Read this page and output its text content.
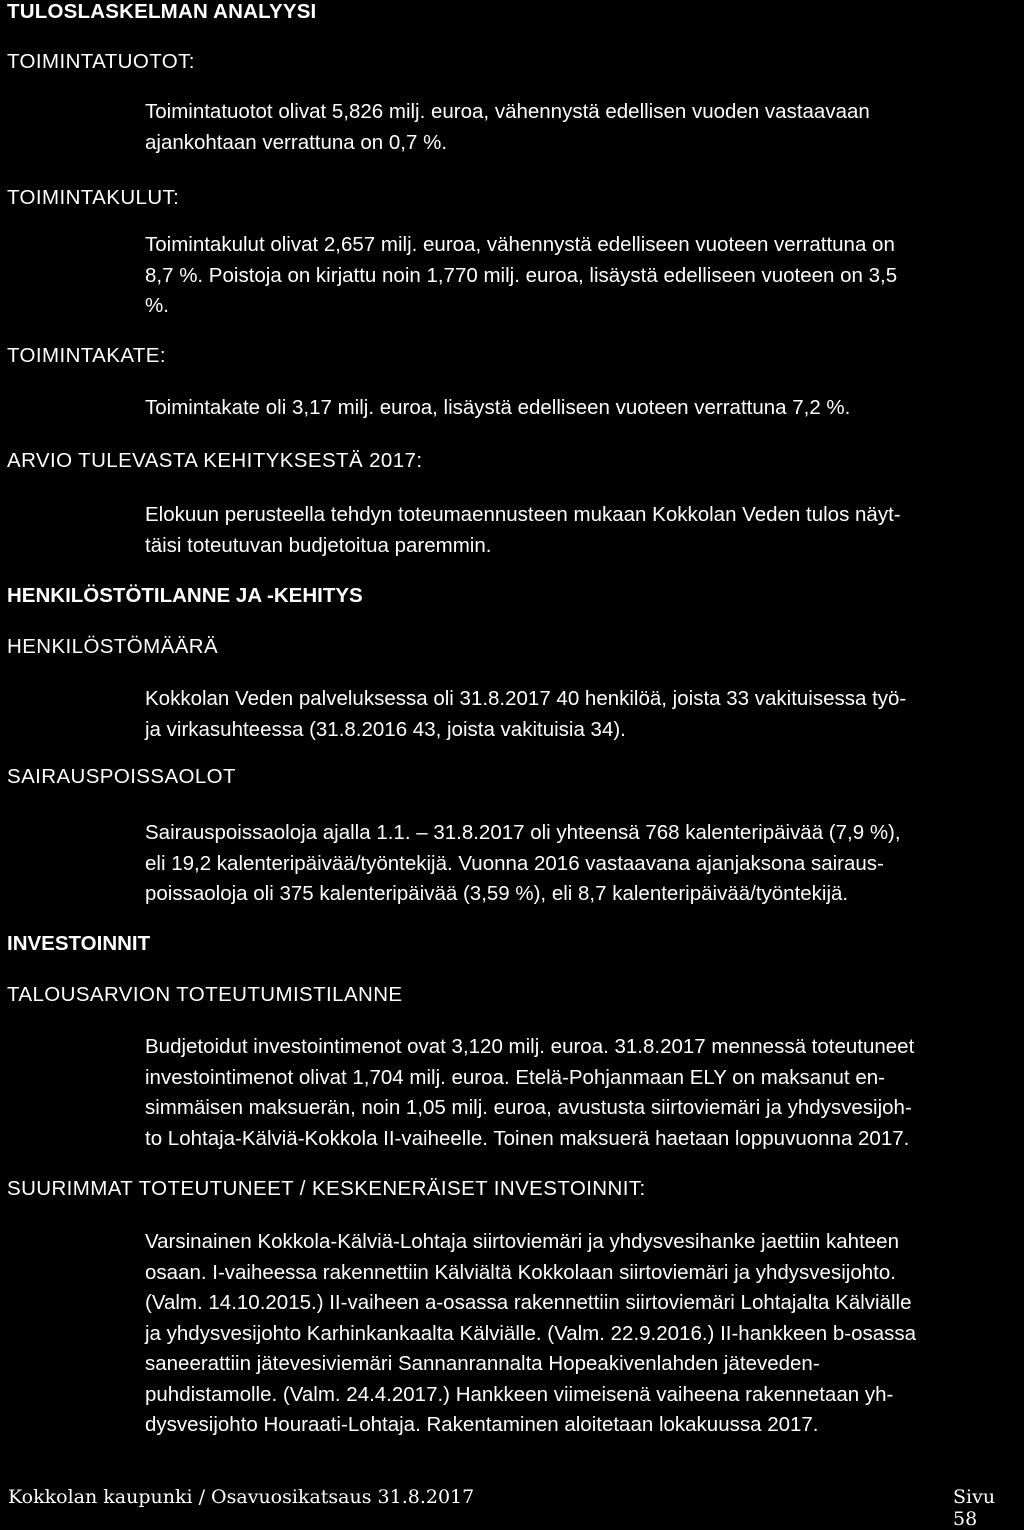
TULOSLASKELMAN ANALYYSI
TOIMINTATUOTOT:
Toimintatuotot olivat 5,826 milj. euroa, vähennystä edellisen vuoden vastaavaan
ajankohtaan verrattuna on 0,7 %.
TOIMINTAKULUT:
Toimintakulut olivat 2,657 milj. euroa, vähennystä edelliseen vuoteen verrattuna on
8,7 %. Poistoja on kirjattu noin 1,770 milj. euroa, lisäystä edelliseen vuoteen on 3,5
%.
TOIMINTAKATE:
Toimintakate oli 3,17 milj. euroa, lisäystä edelliseen vuoteen verrattuna 7,2 %.
ARVIO TULEVASTA KEHITYKSESTÄ 2017:
Elokuun perusteella tehdyn toteumaennusteen mukaan Kokkolan Veden tulos näyt-
täisi toteutuvan budjetoitua paremmin.
HENKILÖSTÖTILANNE JA -KEHITYS
HENKILÖSTÖMÄÄRÄ
Kokkolan Veden palveluksessa oli 31.8.2017 40 henkilöä, joista 33 vakituisessa työ-
ja virkasuhteessa (31.8.2016 43, joista vakituisia 34).
SAIRAUSPOISSAOLOT
Sairauspoissaoloja ajalla 1.1. – 31.8.2017 oli yhteensä 768 kalenteripäivää (7,9 %),
eli 19,2 kalenteripäivää/työntekijä. Vuonna 2016 vastaavana ajanjaksona sairaus-
poissaoloja oli 375 kalenteripäivää (3,59 %), eli 8,7 kalenteripäivää/työntekijä.
INVESTOINNIT
TALOUSARVION TOTEUTUMISTILANNE
Budjetoidut investointimenot ovat 3,120 milj. euroa. 31.8.2017 mennessä toteutuneet
investointimenot olivat 1,704 milj. euroa. Etelä-Pohjanmaan ELY on maksanut en-
simmäisen maksuerän, noin 1,05 milj. euroa, avustusta siirtoviemäri ja yhdysvesijoh-
to Lohtaja-Kälviä-Kokkola II-vaiheelle. Toinen maksuerä haetaan loppuvuonna 2017.
SUURIMMAT TOTEUTUNEET / KESKENERÄISET INVESTOINNIT:
Varsinainen Kokkola-Kälviä-Lohtaja siirtoviemäri ja yhdysvesihanke jaettiin kahteen
osaan. I-vaiheessa rakennettiin Kälviältä Kokkolaan siirtoviemäri ja yhdysvesijohto.
(Valm. 14.10.2015.) II-vaiheen a-osassa rakennettiin siirtoviemäri Lohtajalta Kälviälle
ja yhdysvesijohto Karhinkankaalta Kälviälle. (Valm. 22.9.2016.) II-hankkeen b-osassa
saneerattiin jätevesiviemäri Sannanrannalta Hopeakivenlahden jäteveden-
puhdistamolle. (Valm. 24.4.2017.) Hankkeen viimeisenä vaiheena rakennetaan yh-
dysvesijohto Houraati-Lohtaja. Rakentaminen aloitetaan lokakuussa 2017.
Kokkolan kaupunki / Osavuosikatsaus 31.8.2017	Sivu 58
